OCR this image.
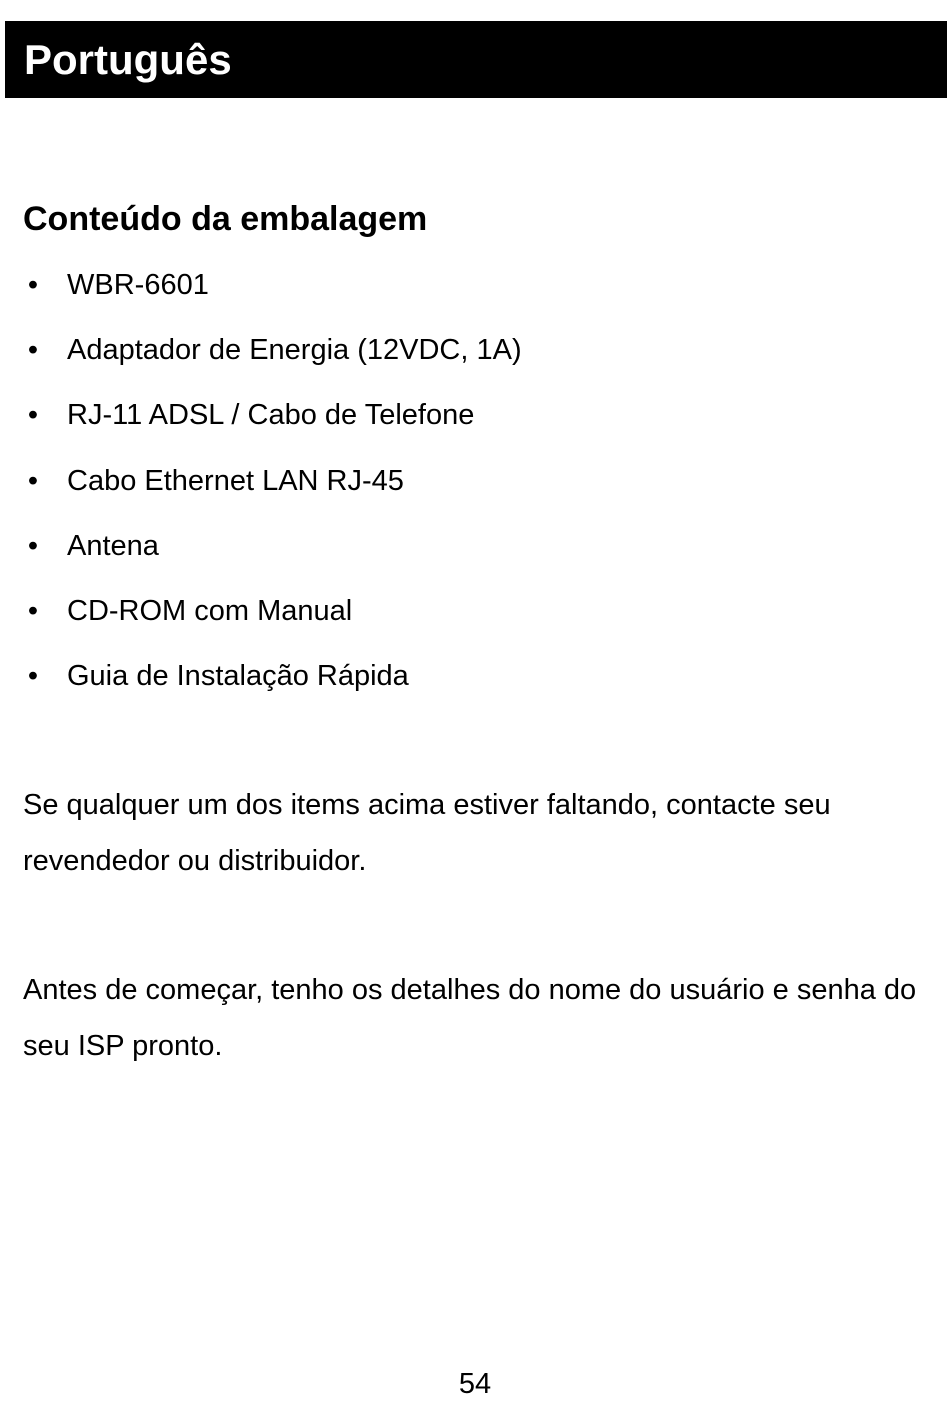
Português
Conteúdo da embalagem
• WBR-6601
• Adaptador de Energia (12VDC, 1A)
• RJ-11 ADSL / Cabo de Telefone
• Cabo Ethernet LAN RJ-45
• Antena
• CD-ROM com Manual
• Guia de Instalação Rápida

Se qualquer um dos items acima estiver faltando, contacte seu revendedor ou distribuidor.

Antes de começar, tenho os detalhes do nome do usuário e senha do seu ISP pronto.

54
